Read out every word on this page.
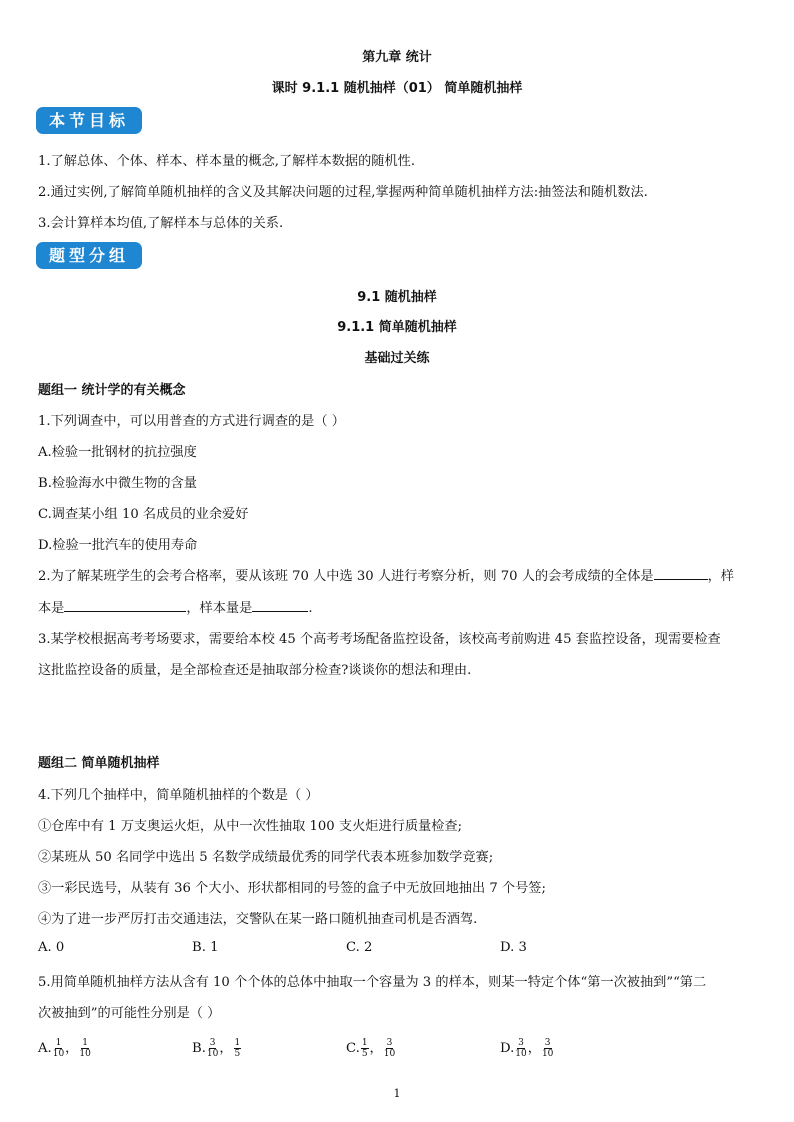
第九章 统计
课时 9.1.1 随机抽样（01） 简单随机抽样
本节目标
1.了解总体、个体、样本、样本量的概念,了解样本数据的随机性.
2.通过实例,了解简单随机抽样的含义及其解决问题的过程,掌握两种简单随机抽样方法:抽签法和随机数法.
3.会计算样本均值,了解样本与总体的关系.
题型分组
9.1 随机抽样
9.1.1 简单随机抽样
基础过关练
题组一 统计学的有关概念
1.下列调查中，可以用普查的方式进行调查的是（ ）
A.检验一批钢材的抗拉强度
B.检验海水中微生物的含量
C.调查某小组 10 名成员的业余爱好
D.检验一批汽车的使用寿命
2.为了解某班学生的会考合格率，要从该班 70 人中选 30 人进行考察分析，则 70 人的会考成绩的全体是	，样
本是	，样本量是	.
3.某学校根据高考考场要求，需要给本校 45 个高考考场配备监控设备，该校高考前购进 45 套监控设备，现需要检查
这批监控设备的质量，是全部检查还是抽取部分检查?谈谈你的想法和理由.
题组二 简单随机抽样
4.下列几个抽样中，简单随机抽样的个数是（ ）
①仓库中有 1 万支奥运火炬，从中一次性抽取 100 支火炬进行质量检查;
②某班从 50 名同学中选出 5 名数学成绩最优秀的同学代表本班参加数学竞赛;
③一彩民选号，从装有 36 个大小、形状都相同的号签的盒子中无放回地抽出 7 个号签;
④为了进一步严厉打击交通违法，交警队在某一路口随机抽查司机是否酒驾.
A. 0	B. 1	C. 2	D. 3
5.用简单随机抽样方法从含有 10 个个体的总体中抽取一个容量为 3 的样本，则某一特定个体“第一次被抽到”“第二
次被抽到”的可能性分别是（ ）
A. $\frac{1}{10}$ ， $\frac{1}{10}$	B. $\frac{3}{10}$ ， $\frac{1}{5}$	C. $\frac{1}{5}$ ， $\frac{3}{10}$	D. $\frac{3}{10}$ ， $\frac{3}{10}$
1
